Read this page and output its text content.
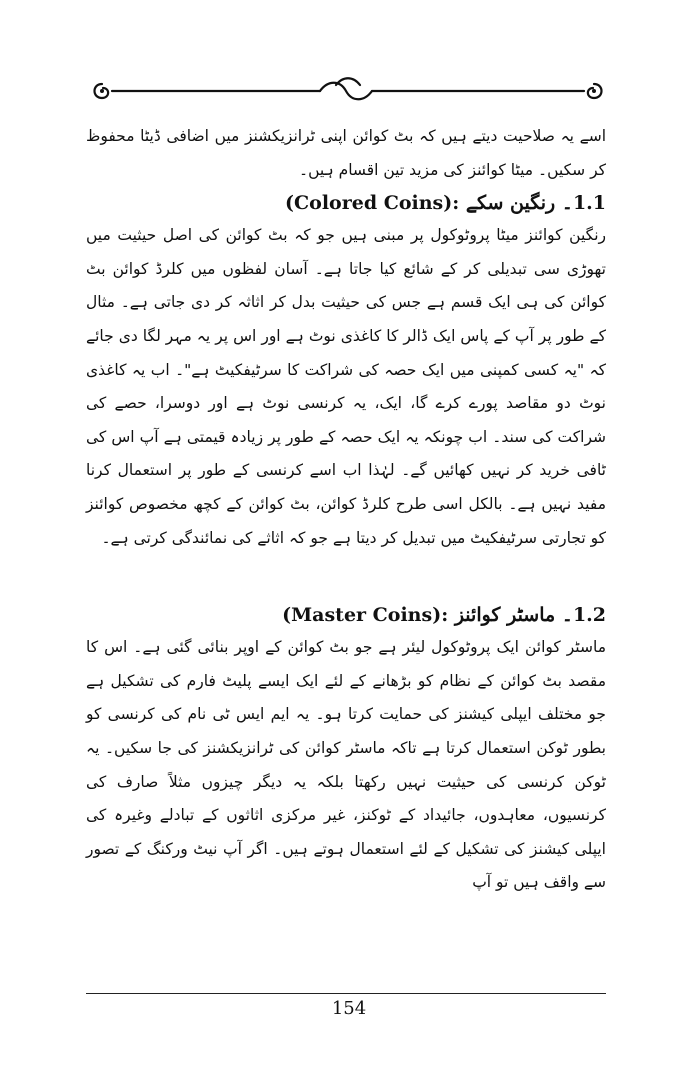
اسے یہ صلاحیت دیتے ہیں کہ بٹ کوائن اپنی ٹرانزیکشنز میں اضافی ڈیٹا محفوظ کر سکیں۔ میٹا کوائنز کی مزید تین اقسام ہیں۔

1.1۔ رنگین سکے :(Colored Coins)

رنگین کوائنز میٹا پروٹوکول پر مبنی ہیں جو کہ بٹ کوائن کی اصل حیثیت میں تھوڑی سی تبدیلی کر کے شائع کیا جاتا ہے۔ آسان لفظوں میں کلرڈ کوائن بٹ کوائن کی ہی ایک قسم ہے جس کی حیثیت بدل کر اثاثہ کر دی جاتی ہے۔ مثال کے طور پر آپ کے پاس ایک ڈالر کا کاغذی نوٹ ہے اور اس پر یہ مہر لگا دی جائے کہ "یہ کسی کمپنی میں ایک حصہ کی شراکت کا سرٹیفکیٹ ہے"۔ اب یہ کاغذی نوٹ دو مقاصد پورے کرے گا، ایک، یہ کرنسی نوٹ ہے اور دوسرا، حصے کی شراکت کی سند۔ اب چونکہ یہ ایک حصہ کے طور پر زیادہ قیمتی ہے آپ اس کی ٹافی خرید کر نہیں کھائیں گے۔ لہٰذا اب اسے کرنسی کے طور پر استعمال کرنا مفید نہیں ہے۔ بالکل اسی طرح کلرڈ کوائن، بٹ کوائن کے کچھ مخصوص کوائنز کو تجارتی سرٹیفکیٹ میں تبدیل کر دیتا ہے جو کہ اثاثے کی نمائندگی کرتی ہے۔

1.2۔ ماسٹر کوائنز :(Master Coins)

ماسٹر کوائن ایک پروٹوکول لیئر ہے جو بٹ کوائن کے اوپر بنائی گئی ہے۔ اس کا مقصد بٹ کوائن کے نظام کو بڑھانے کے لئے ایک ایسے پلیٹ فارم کی تشکیل ہے جو مختلف ایپلی کیشنز کی حمایت کرتا ہو۔ یہ ایم ایس ٹی نام کی کرنسی کو بطور ٹوکن استعمال کرتا ہے تاکہ ماسٹر کوائن کی ٹرانزیکشنز کی جا سکیں۔ یہ ٹوکن کرنسی کی حیثیت نہیں رکھتا بلکہ یہ دیگر چیزوں مثلاً صارف کی کرنسیوں، معاہدوں، جائیداد کے ٹوکنز، غیر مرکزی اثاثوں کے تبادلے وغیرہ کی ایپلی کیشنز کی تشکیل کے لئے استعمال ہوتے ہیں۔ اگر آپ نیٹ ورکنگ کے تصور سے واقف ہیں تو آپ

154
